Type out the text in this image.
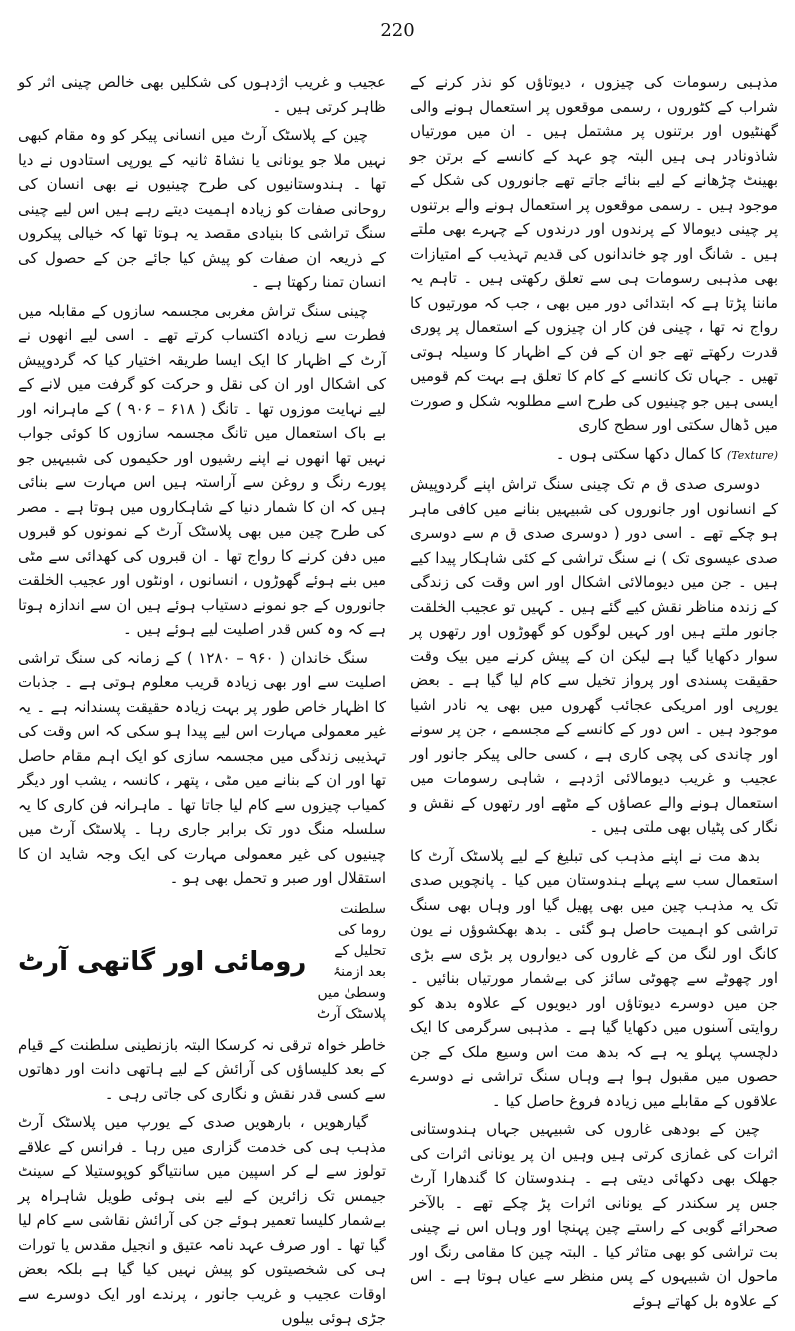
220

مذہبی رسومات کی چیزوں ، دیوتاؤں کو نذر کرنے کے شراب کے کٹوروں ، رسمی موقعوں پر استعمال ہونے والی گھنٹیوں اور برتنوں پر مشتمل ہیں ۔ ان میں مورتیاں شاذونادر ہی ہیں البتہ چو عہد کے کانسے کے برتن جو بھینٹ چڑھانے کے لیے بنائے جاتے تھے جانوروں کی شکل کے موجود ہیں ۔ رسمی موقعوں پر استعمال ہونے والے برتنوں پر چینی دیومالا کے پرندوں اور درندوں کے چہرے بھی ملتے ہیں ۔ شانگ اور چو خاندانوں کی قدیم تہذیب کے امتیازات بھی مذہبی رسومات ہی سے تعلق رکھتی ہیں ۔ تاہم یہ ماننا پڑتا ہے کہ ابتدائی دور میں بھی ، جب کہ مورتیوں کا رواج نہ تھا ، چینی فن کار ان چیزوں کے استعمال پر پوری قدرت رکھتے تھے جو ان کے فن کے اظہار کا وسیلہ ہوتی تھیں ۔ جہاں تک کانسے کے کام کا تعلق ہے بہت کم قومیں ایسی ہیں جو چینیوں کی طرح اسے مطلوبہ شکل و صورت میں ڈھال سکتی اور سطح کاری

(Texture) کا کمال دکھا سکتی ہوں ۔

دوسری صدی ق م تک چینی سنگ تراش اپنے گردوپیش کے انسانوں اور جانوروں کی شبیہیں بنانے میں کافی ماہر ہو چکے تھے ۔ اسی دور ( دوسری صدی ق م سے دوسری صدی عیسوی تک ) نے سنگ تراشی کے کئی شاہکار پیدا کیے ہیں ۔ جن میں دیومالائی اشکال اور اس وقت کی زندگی کے زندہ مناظر نقش کیے گئے ہیں ۔ کہیں تو عجیب الخلقت جانور ملتے ہیں اور کہیں لوگوں کو گھوڑوں اور رتھوں پر سوار دکھایا گیا ہے لیکن ان کے پیش کرنے میں بیک وقت حقیقت پسندی اور پرواز تخیل سے کام لیا گیا ہے ۔ بعض یورپی اور امریکی عجائب گھروں میں بھی یہ نادر اشیا موجود ہیں ۔ اس دور کے کانسے کے مجسمے ، جن پر سونے اور چاندی کی پچی کاری ہے ، کسی حالی پیکر جانور اور عجیب و غریب دیومالائی اژدہے ، شاہی رسومات میں استعمال ہونے والے عصاؤں کے مٹھے اور رتھوں کے نقش و نگار کی پٹیاں بھی ملتی ہیں ۔

بدھ مت نے اپنے مذہب کی تبلیغ کے لیے پلاسٹک آرٹ کا استعمال سب سے پہلے ہندوستان میں کیا ۔ پانچویں صدی تک یہ مذہب چین میں بھی پھیل گیا اور وہاں بھی سنگ تراشی کو اہمیت حاصل ہو گئی ۔ بدھ بھکشوؤں نے یون کانگ اور لنگ من کے غاروں کی دیواروں پر بڑی سے بڑی اور چھوٹے سے چھوٹی سائز کی بےشمار مورتیاں بنائیں ۔ جن میں دوسرے دیوتاؤں اور دیویوں کے علاوہ بدھ کو روایتی آسنوں میں دکھایا گیا ہے ۔ مذہبی سرگرمی کا ایک دلچسپ پہلو یہ ہے کہ بدھ مت اس وسیع ملک کے جن حصوں میں مقبول ہوا ہے وہاں سنگ تراشی نے دوسرے علاقوں کے مقابلے میں زیادہ فروغ حاصل کیا ۔

چین کے بودھی غاروں کی شبیہیں جہاں ہندوستانی اثرات کی غمازی کرتی ہیں وہیں ان پر یونانی اثرات کی جھلک بھی دکھائی دیتی ہے ۔ ہندوستان کا گندھارا آرٹ جس پر سکندر کے یونانی اثرات پڑ چکے تھے ۔ بالآخر صحرائے گوبی کے راستے چین پہنچا اور وہاں اس نے چینی بت تراشی کو بھی متاثر کیا ۔ البتہ چین کا مقامی رنگ اور ماحول ان شبیہوں کے پس منظر سے عیاں ہوتا ہے ۔ اس کے علاوہ بل کھاتے ہوئے

عجیب و غریب اژدہوں کی شکلیں بھی خالص چینی اثر کو ظاہر کرتی ہیں ۔

چین کے پلاسٹک آرٹ میں انسانی پیکر کو وہ مقام کبھی نہیں ملا جو یونانی یا نشاۃ ثانیہ کے یورپی استادوں نے دیا تھا ۔ ہندوستانیوں کی طرح چینیوں نے بھی انسان کی روحانی صفات کو زیادہ اہمیت دیتے رہے ہیں اس لیے چینی سنگ تراشی کا بنیادی مقصد یہ ہوتا تھا کہ خیالی پیکروں کے ذریعہ ان صفات کو پیش کیا جائے جن کے حصول کی انسان تمنا رکھتا ہے ۔

چینی سنگ تراش مغربی مجسمہ سازوں کے مقابلہ میں فطرت سے زیادہ اکتساب کرتے تھے ۔ اسی لیے انھوں نے آرٹ کے اظہار کا ایک ایسا طریقہ اختیار کیا کہ گردوپیش کی اشکال اور ان کی نقل و حرکت کو گرفت میں لانے کے لیے نہایت موزوں تھا ۔ تانگ ( ۶۱۸ – ۹۰۶ ) کے ماہرانہ اور بے باک استعمال میں تانگ مجسمہ سازوں کا کوئی جواب نہیں تھا انھوں نے اپنے رشیوں اور حکیموں کی شبیہیں جو پورے رنگ و روغن سے آراستہ ہیں اس مہارت سے بنائی ہیں کہ ان کا شمار دنیا کے شاہکاروں میں ہوتا ہے ۔ مصر کی طرح چین میں بھی پلاسٹک آرٹ کے نمونوں کو قبروں میں دفن کرنے کا رواج تھا ۔ ان قبروں کی کھدائی سے مٹی میں بنے ہوئے گھوڑوں ، انسانوں ، اونٹوں اور عجیب الخلقت جانوروں کے جو نمونے دستیاب ہوئے ہیں ان سے اندازہ ہوتا ہے کہ وہ کس قدر اصلیت لیے ہوئے ہیں ۔

سنگ خاندان ( ۹۶۰ – ۱۲۸۰ ) کے زمانہ کی سنگ تراشی اصلیت سے اور بھی زیادہ قریب معلوم ہوتی ہے ۔ جذبات کا اظہار خاص طور پر بہت زیادہ حقیقت پسندانہ ہے ۔ یہ غیر معمولی مہارت اس لیے پیدا ہو سکی کہ اس وقت کی تہذیبی زندگی میں مجسمہ سازی کو ایک اہم مقام حاصل تھا اور ان کے بنانے میں مٹی ، پتھر ، کانسہ ، یشب اور دیگر کمیاب چیزوں سے کام لیا جاتا تھا ۔ ماہرانہ فن کاری کا یہ سلسلہ منگ دور تک برابر جاری رہا ۔ پلاسٹک آرٹ میں چینیوں کی غیر معمولی مہارت کی ایک وجہ شاید ان کا استقلال اور صبر و تحمل بھی ہو ۔

سلطنت روما کی تحلیل کے بعد ازمنۂ وسطیٰ میں پلاسٹک آرٹ
رومائی اور گاتھی آرٹ

خاطر خواہ ترقی نہ کرسکا البتہ بازنطینی سلطنت کے قیام کے بعد کلیساؤں کی آرائش کے لیے ہاتھی دانت اور دھاتوں سے کسی قدر نقش و نگاری کی جاتی رہی ۔

گیارھویں ، بارھویں صدی کے یورپ میں پلاسٹک آرٹ مذہب ہی کی خدمت گزاری میں رہا ۔ فرانس کے علاقے تولوز سے لے کر اسپین میں سانتیاگو کوپوستیلا کے سینٹ جیمس تک زائرین کے لیے بنی ہوئی طویل شاہراہ پر بےشمار کلیسا تعمیر ہوئے جن کی آرائش نقاشی سے کام لیا گیا تھا ۔ اور صرف عہد نامہ عتیق و انجیل مقدس یا تورات ہی کی شخصیتوں کو پیش نہیں کیا گیا ہے بلکہ بعض اوقات عجیب و غریب جانور ، پرندے اور ایک دوسرے سے جڑی ہوئی بیلوں
